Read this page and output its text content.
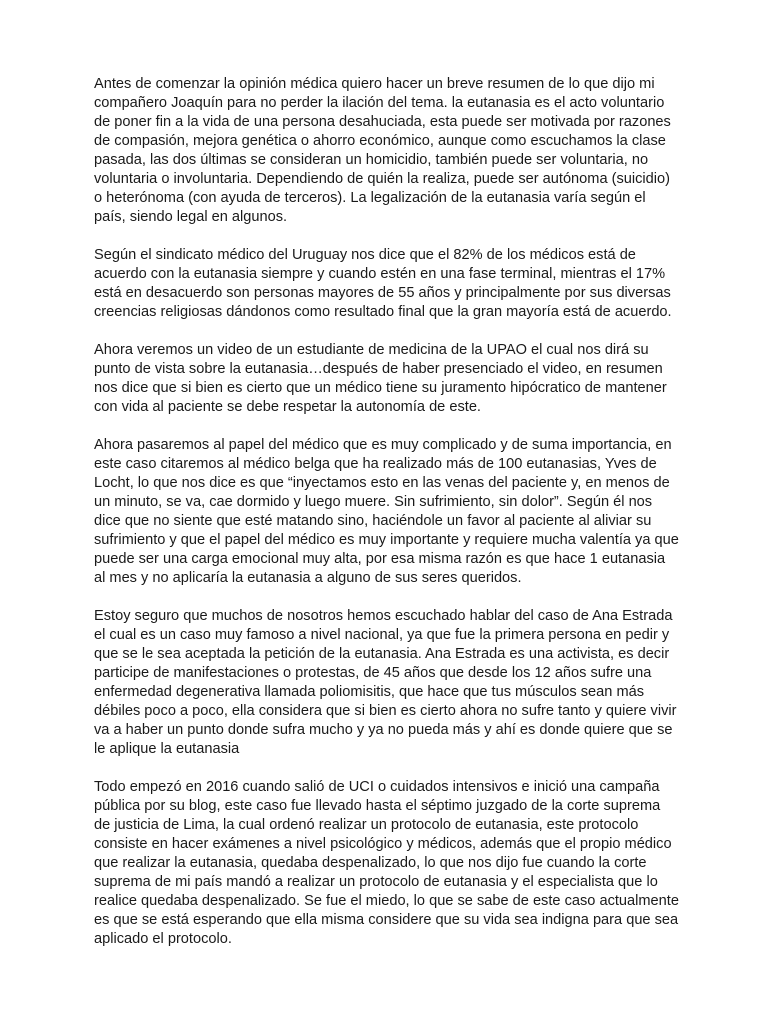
Antes de comenzar la opinión médica quiero hacer un breve resumen de lo que dijo mi compañero Joaquín para no perder la ilación del tema. la eutanasia es el acto voluntario de poner fin a la vida de una persona desahuciada, esta puede ser motivada por razones de compasión, mejora genética o ahorro económico, aunque como escuchamos la clase pasada, las dos últimas se consideran un homicidio, también puede ser voluntaria, no voluntaria o involuntaria. Dependiendo de quién la realiza, puede ser autónoma (suicidio) o heterónoma (con ayuda de terceros). La legalización de la eutanasia varía según el país, siendo legal en algunos.

Según el sindicato médico del Uruguay nos dice que el 82% de los médicos está de acuerdo con la eutanasia siempre y cuando estén en una fase terminal, mientras el 17% está en desacuerdo son personas mayores de 55 años y principalmente por sus diversas creencias religiosas dándonos como resultado final que la gran mayoría está de acuerdo.

Ahora veremos un video de un estudiante de medicina de la UPAO el cual nos dirá su punto de vista sobre la eutanasia…después de haber presenciado el video, en resumen nos dice que si bien es cierto que un médico tiene su juramento hipócratico de mantener con vida al paciente se debe respetar la autonomía de este.

Ahora pasaremos al papel del médico que es muy complicado y de suma importancia, en este caso citaremos al médico belga que ha realizado más de 100 eutanasias, Yves de Locht, lo que nos dice es que “inyectamos esto en las venas del paciente y, en menos de un minuto, se va, cae dormido y luego muere. Sin sufrimiento, sin dolor”. Según él nos dice que no siente que esté matando sino, haciéndole un favor al paciente al aliviar su sufrimiento y que el papel del médico es muy importante y requiere mucha valentía ya que puede ser una carga emocional muy alta, por esa misma razón es que hace 1 eutanasia al mes y no aplicaría la eutanasia a alguno de sus seres queridos.

Estoy seguro que muchos de nosotros hemos escuchado hablar del caso de Ana Estrada el cual es un caso muy famoso a nivel nacional, ya que fue la primera persona en pedir y que se le sea aceptada la petición de la eutanasia. Ana Estrada es una activista, es decir participe de manifestaciones o protestas, de 45 años que desde los 12 años sufre una enfermedad degenerativa llamada poliomisitis, que hace que tus músculos sean más débiles poco a poco, ella considera que si bien es cierto ahora no sufre tanto y quiere vivir va a haber un punto donde sufra mucho y ya no pueda más y ahí es donde quiere que se le aplique la eutanasia

Todo empezó en 2016 cuando salió de UCI o cuidados intensivos e inició una campaña pública por su blog, este caso fue llevado hasta el séptimo juzgado de la corte suprema de justicia de Lima, la cual ordenó realizar un protocolo de eutanasia, este protocolo consiste en hacer exámenes a nivel psicológico y médicos, además que el propio médico que realizar la eutanasia, quedaba despenalizado, lo que nos dijo fue cuando la corte suprema de mi país mandó a realizar un protocolo de eutanasia y el especialista que lo realice quedaba despenalizado. Se fue el miedo, lo que se sabe de este caso actualmente es que se está esperando que ella misma considere que su vida sea indigna para que sea aplicado el protocolo.
